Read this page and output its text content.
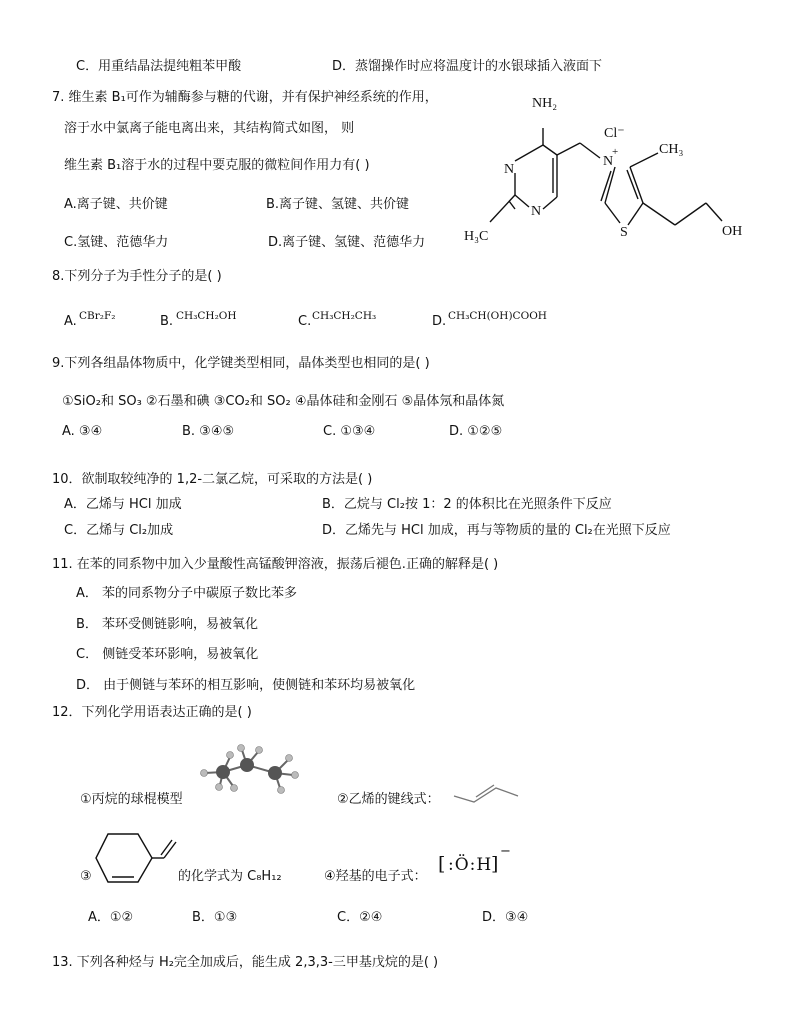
C．用重结晶法提纯粗苯甲酸	D．蒸馏操作时应将温度计的水银球插入液面下
7. 维生素 B₁可作为辅酶参与糖的代谢，并有保护神经系统的作用，
溶于水中氯离子能电离出来，其结构简式如图， 则
维生素 B₁溶于水的过程中要克服的微粒间作用力有( )
A.离子键、共价键	B.离子键、氢键、共价键
C.氢键、范德华力	D.离子键、氢键、范德华力
NH₂
N
N
H₃C
N
+
Cl⁻
CH₃
S	OH
8.下列分子为手性分子的是( )
A. CBr₂F₂	B. CH₃CH₂OH	C. CH₃CH₂CH₃	D. CH₃CH(OH)COOH
9.下列各组晶体物质中，化学键类型相同，晶体类型也相同的是( )
①SiO₂和 SO₃ ②石墨和碘 ③CO₂和 SO₂ ④晶体硅和金刚石 ⑤晶体氖和晶体氮
A. ③④	B. ③④⑤	C. ①③④	D. ①②⑤
10．欲制取较纯净的 1,2-二氯乙烷，可采取的方法是( )
A．乙烯与 HCl 加成	B．乙烷与 Cl₂按 1：2 的体积比在光照条件下反应
C．乙烯与 Cl₂加成	D．乙烯先与 HCl 加成，再与等物质的量的 Cl₂在光照下反应
11. 在苯的同系物中加入少量酸性高锰酸钾溶液，振荡后褪色.正确的解释是( )
A． 苯的同系物分子中碳原子数比苯多
B． 苯环受侧链影响，易被氧化
C． 侧链受苯环影响，易被氧化
D． 由于侧链与苯环的相互影响，使侧链和苯环均易被氧化
12．下列化学用语表达正确的是( )
①丙烷的球棍模型	②乙烯的键线式：
③	的化学式为 C₈H₁₂	④羟基的电子式：
[ :Ö:H
]
−
A．①②	B．①③	C．②④	D．③④
13. 下列各种烃与 H₂完全加成后，能生成 2,3,3-三甲基戊烷的是( )
